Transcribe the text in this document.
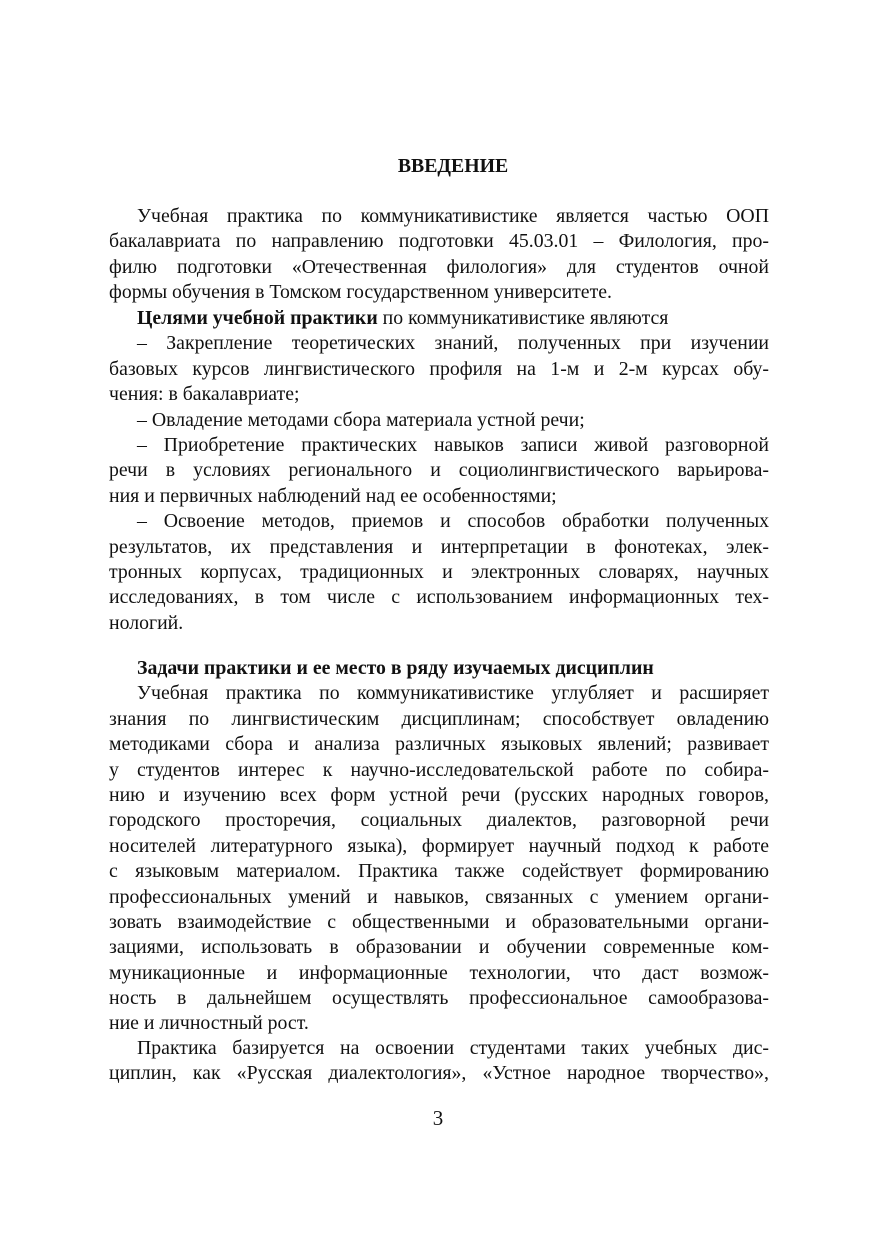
ВВЕДЕНИЕ
Учебная практика по коммуникативистике является частью ООП
бакалавриата по направлению подготовки 45.03.01 – Филология, про-
филю подготовки «Отечественная филология» для студентов очной
формы обучения в Томском государственном университете.
Целями учебной практики по коммуникативистике являются
– Закрепление теоретических знаний, полученных при изучении
базовых курсов лингвистического профиля на 1-м и 2-м курсах обу-
чения: в бакалавриате;
– Овладение методами сбора материала устной речи;
– Приобретение практических навыков записи живой разговорной
речи в условиях регионального и социолингвистического варьирова-
ния и первичных наблюдений над ее особенностями;
– Освоение методов, приемов и способов обработки полученных
результатов, их представления и интерпретации в фонотеках, элек-
тронных корпусах, традиционных и электронных словарях, научных
исследованиях, в том числе с использованием информационных тех-
нологий.
Задачи практики и ее место в ряду изучаемых дисциплин
Учебная практика по коммуникативистике углубляет и расширяет
знания по лингвистическим дисциплинам; способствует овладению
методиками сбора и анализа различных языковых явлений; развивает
у студентов интерес к научно-исследовательской работе по собира-
нию и изучению всех форм устной речи (русских народных говоров,
городского просторечия, социальных диалектов, разговорной речи
носителей литературного языка), формирует научный подход к работе
с языковым материалом. Практика также содействует формированию
профессиональных умений и навыков, связанных с умением органи-
зовать взаимодействие с общественными и образовательными органи-
зациями, использовать в образовании и обучении современные ком-
муникационные и информационные технологии, что даст возмож-
ность в дальнейшем осуществлять профессиональное самообразова-
ние и личностный рост.
Практика базируется на освоении студентами таких учебных дис-
циплин, как «Русская диалектология», «Устное народное творчество»,
3
